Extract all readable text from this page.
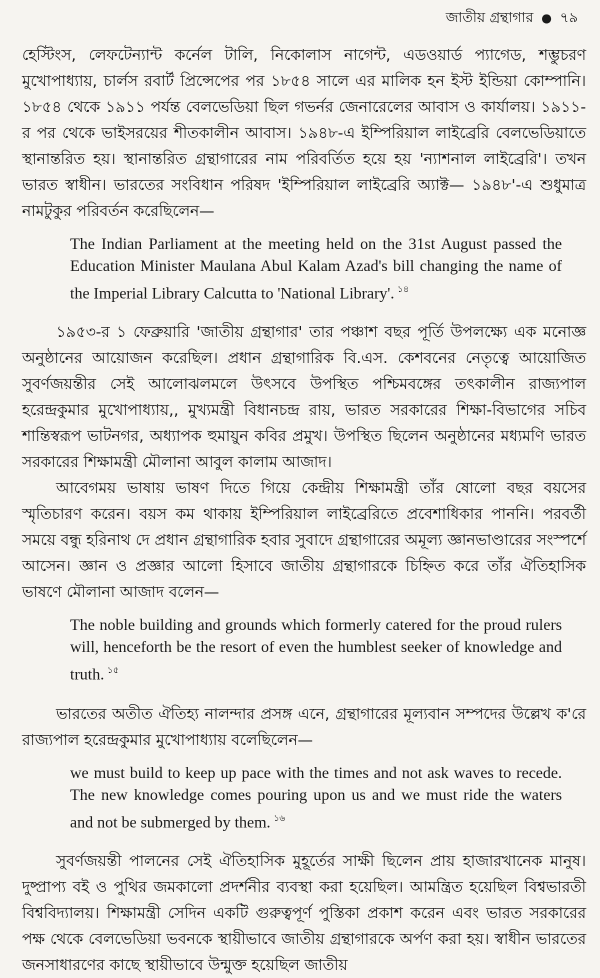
জাতীয় গ্রন্থাগার ● ৭৯

হেস্টিংস, লেফটেন্যান্ট কর্নেল টালি, নিকোলাস নাগেন্ট, এডওয়ার্ড প্যাগেড, শম্ভুচরণ মুখোপাধ্যায়, চার্লস রবার্ট প্রিন্সেপের পর ১৮৫৪ সালে এর মালিক হন ইস্ট ইন্ডিয়া কোম্পানি। ১৮৫৪ থেকে ১৯১১ পর্যন্ত বেলভেডিয়া ছিল গভর্নর জেনারেলের আবাস ও কার্যালয়। ১৯১১-র পর থেকে ভাইসরয়ের শীতকালীন আবাস। ১৯৪৮-এ ইম্পিরিয়াল লাইব্রেরি বেলভেডিয়াতে স্থানান্তরিত হয়। স্থানান্তরিত গ্রন্থাগারের নাম পরিবর্তিত হয়ে হয় 'ন্যাশনাল লাইব্রেরি'। তখন ভারত স্বাধীন। ভারতের সংবিধান পরিষদ 'ইম্পিরিয়াল লাইব্রেরি অ্যাক্ট— ১৯৪৮'-এ শুধুমাত্র নামটুকুর পরিবর্তন করেছিলেন—

The Indian Parliament at the meeting held on the 31st August passed the Education Minister Maulana Abul Kalam Azad's bill changing the name of the Imperial Library Calcutta to 'National Library'. $^{১৪}$

১৯৫৩-র ১ ফেব্রুয়ারি 'জাতীয় গ্রন্থাগার' তার পঞ্চাশ বছর পূর্তি উপলক্ষ্যে এক মনোজ্ঞ অনুষ্ঠানের আয়োজন করেছিল। প্রধান গ্রন্থাগারিক বি.এস. কেশবনের নেতৃত্বে আয়োজিত সুবর্ণজয়ন্তীর সেই আলোঝলমলে উৎসবে উপস্থিত পশ্চিমবঙ্গের তৎকালীন রাজ্যপাল হরেন্দ্রকুমার মুখোপাধ্যায়,, মুখ্যমন্ত্রী বিধানচন্দ্র রায়, ভারত সরকারের শিক্ষা-বিভাগের সচিব শান্তিস্বরূপ ভাটনগর, অধ্যাপক হুমায়ুন কবির প্রমুখ। উপস্থিত ছিলেন অনুষ্ঠানের মধ্যমণি ভারত সরকারের শিক্ষামন্ত্রী মৌলানা আবুল কালাম আজাদ।

আবেগময় ভাষায় ভাষণ দিতে গিয়ে কেন্দ্রীয় শিক্ষামন্ত্রী তাঁর ষোলো বছর বয়সের স্মৃতিচারণ করেন। বয়স কম থাকায় ইম্পিরিয়াল লাইব্রেরিতে প্রবেশাধিকার পাননি। পরবর্তী সময়ে বন্ধু হরিনাথ দে প্রধান গ্রন্থাগারিক হবার সুবাদে গ্রন্থাগারের অমূল্য জ্ঞানভাণ্ডারের সংস্পর্শে আসেন। জ্ঞান ও প্রজ্ঞার আলো হিসাবে জাতীয় গ্রন্থাগারকে চিহ্নিত করে তাঁর ঐতিহাসিক ভাষণে মৌলানা আজাদ বলেন—

The noble building and grounds which formerly catered for the proud rulers will, henceforth be the resort of even the humblest seeker of knowledge and truth. $^{১৫}$

ভারতের অতীত ঐতিহ্য নালন্দার প্রসঙ্গ এনে, গ্রন্থাগারের মূল্যবান সম্পদের উল্লেখ ক'রে রাজ্যপাল হরেন্দ্রকুমার মুখোপাধ্যায় বলেছিলেন—

we must build to keep up pace with the times and not ask waves to recede. The new knowledge comes pouring upon us and we must ride the waters and not be submerged by them. $^{১৬}$

সুবর্ণজয়ন্তী পালনের সেই ঐতিহাসিক মুহূর্তের সাক্ষী ছিলেন প্রায় হাজারখানেক মানুষ। দুষ্প্রাপ্য বই ও পুথির জমকালো প্রদর্শনীর ব্যবস্থা করা হয়েছিল। আমন্ত্রিত হয়েছিল বিশ্বভারতী বিশ্ববিদ্যালয়। শিক্ষামন্ত্রী সেদিন একটি গুরুত্বপূর্ণ পুস্তিকা প্রকাশ করেন এবং ভারত সরকারের পক্ষ থেকে বেলভেডিয়া ভবনকে স্থায়ীভাবে জাতীয় গ্রন্থাগারকে অর্পণ করা হয়। স্বাধীন ভারতের জনসাধারণের কাছে স্থায়ীভাবে উন্মুক্ত হয়েছিল জাতীয়
